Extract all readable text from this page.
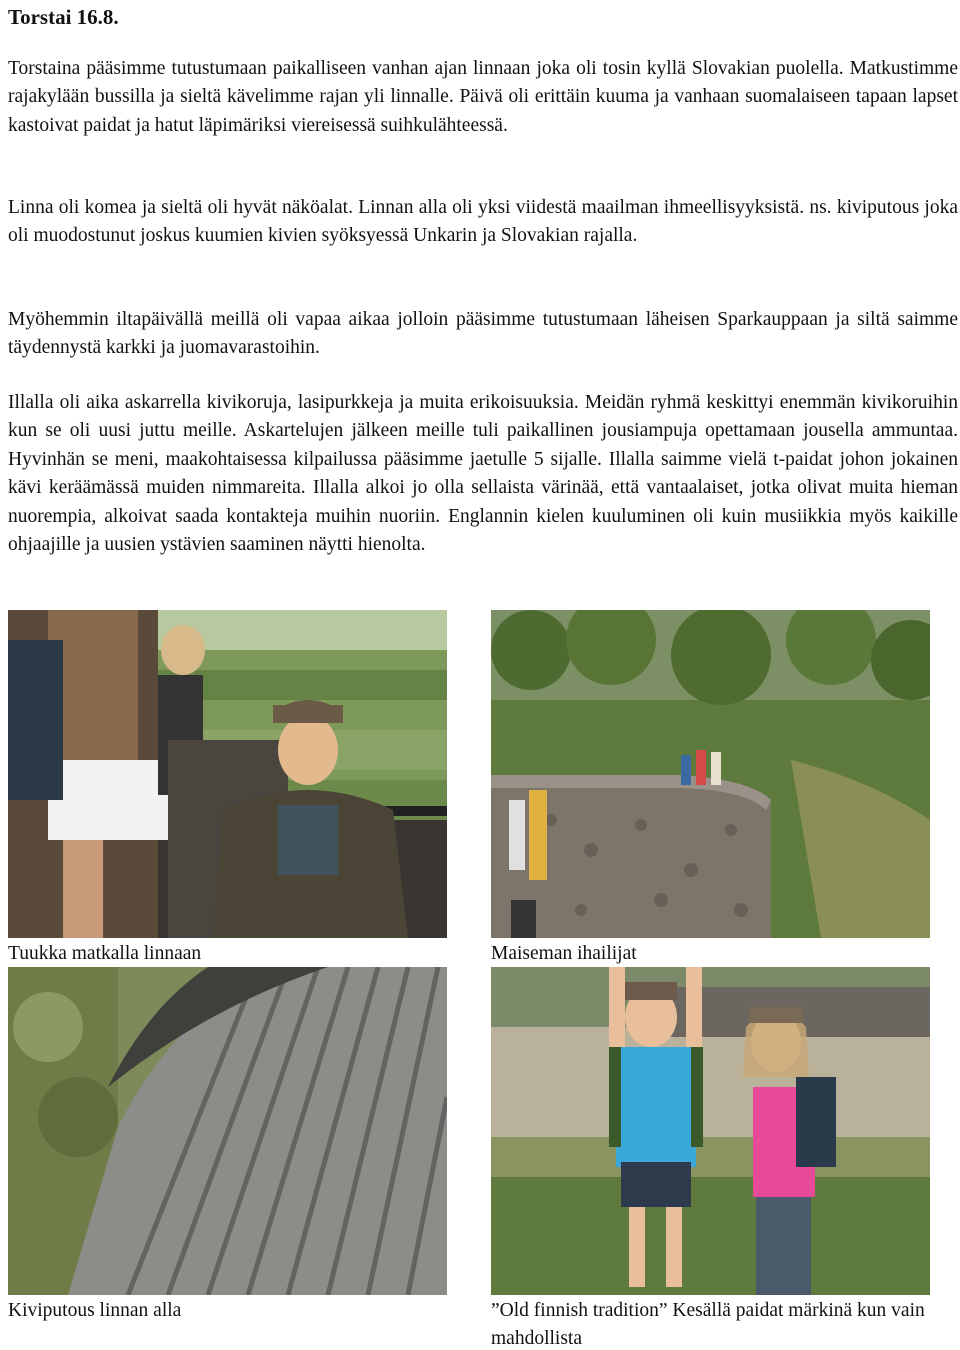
Torstai 16.8.

Torstaina pääsimme tutustumaan paikalliseen vanhan ajan linnaan joka oli tosin kyllä Slovakian puolella. Matkustimme rajakylään bussilla ja sieltä kävelimme rajan yli linnalle. Päivä oli erittäin kuuma ja vanhaan suomalaiseen tapaan lapset kastoivat paidat ja hatut läpimäriksi viereisessä suihkulähteessä.

Linna oli komea ja sieltä oli hyvät näköalat. Linnan alla oli yksi viidestä maailman ihmeellisyyksistä. ns. kiviputous joka oli muodostunut joskus kuumien kivien syöksyessä Unkarin ja Slovakian rajalla.

Myöhemmin iltapäivällä meillä oli vapaa aikaa jolloin pääsimme tutustumaan läheisen Sparkauppaan ja siltä saimme täydennystä karkki ja juomavarastoihin.

Illalla oli aika askarrella kivikoruja, lasipurkkeja ja muita erikoisuuksia. Meidän ryhmä keskittyi enemmän kivikoruihin kun se oli uusi juttu meille. Askartelujen jälkeen meille tuli paikallinen jousiampuja opettamaan jousella ammuntaa. Hyvinhän se meni, maakohtaisessa kilpailussa pääsimme jaetulle 5 sijalle. Illalla saimme vielä t-paidat johon jokainen kävi keräämässä muiden nimmareita. Illalla alkoi jo olla sellaista värinää, että vantaalaiset, jotka olivat muita hieman nuorempia, alkoivat saada kontakteja muihin nuoriin. Englannin kielen kuuluminen oli kuin musiikkia myös kaikille ohjaajille ja uusien ystävien saaminen näytti hienolta.

Tuukka matkalla linnaan	Maiseman ihailijat
Kiviputous linnan alla	”Old finnish tradition” Kesällä paidat märkinä kun vain mahdollista
